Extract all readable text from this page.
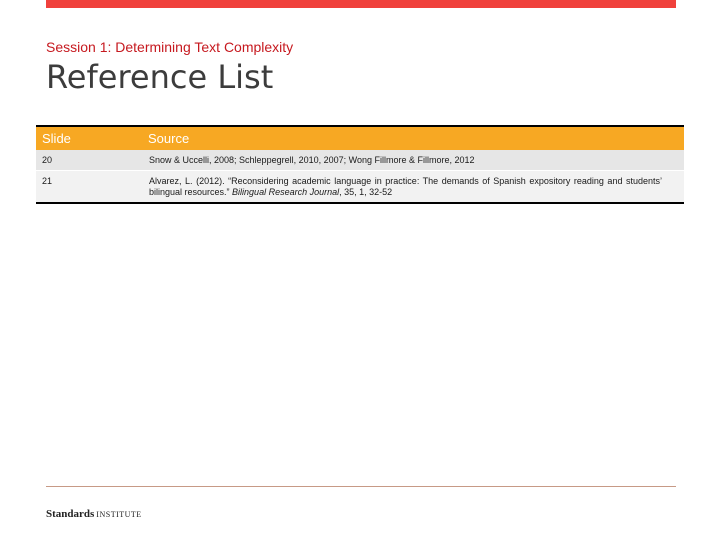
Session 1: Determining Text Complexity
Reference List
Slide	Source
20	Snow & Uccelli, 2008; Schleppegrell, 2010, 2007; Wong Fillmore & Fillmore, 2012
21	Alvarez, L. (2012). “Reconsidering academic language in practice: The demands of Spanish expository reading and students’ bilingual resources.” Bilingual Research Journal, 35, 1, 32-52
Standards INSTITUTE
